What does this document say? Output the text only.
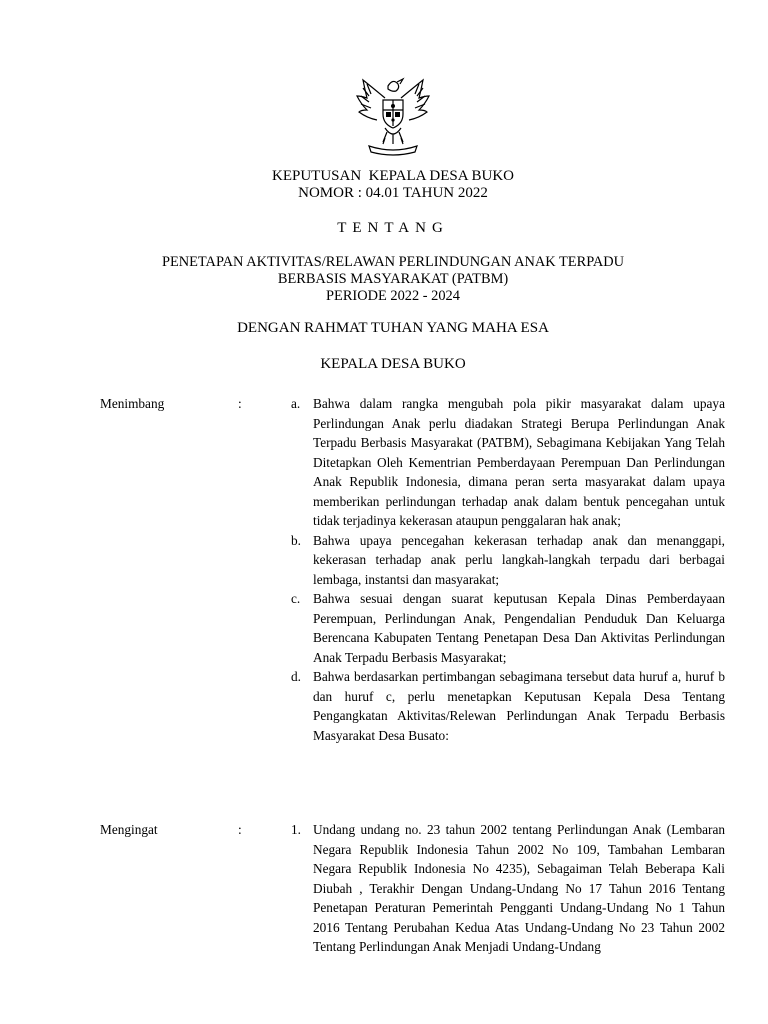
KEPUTUSAN  KEPALA DESA BUKO
NOMOR : 04.01 TAHUN 2022
TENTANG
PENETAPAN AKTIVITAS/RELAWAN PERLINDUNGAN ANAK TERPADU
BERBASIS MASYARAKAT (PATBM)
PERIODE 2022 - 2024
DENGAN RAHMAT TUHAN YANG MAHA ESA
KEPALA DESA BUKO
Menimbang	:	a. Bahwa dalam rangka mengubah pola pikir masyarakat dalam upaya Perlindungan Anak perlu diadakan Strategi Berupa Perlindungan Anak Terpadu Berbasis Masyarakat (PATBM), Sebagimana Kebijakan Yang Telah Ditetapkan Oleh Kementrian Pemberdayaan Perempuan Dan Perlindungan Anak Republik Indonesia, dimana peran serta masyarakat dalam upaya memberikan perlindungan terhadap anak dalam bentuk pencegahan untuk tidak terjadinya kekerasan ataupun penggalaran hak anak;
b. Bahwa upaya pencegahan kekerasan terhadap anak dan menanggapi, kekerasan terhadap anak perlu langkah-langkah terpadu dari berbagai lembaga, instantsi dan masyarakat;
c. Bahwa sesuai dengan suarat keputusan Kepala Dinas Pemberdayaan Perempuan, Perlindungan Anak, Pengendalian Penduduk Dan Keluarga Berencana Kabupaten Tentang Penetapan Desa Dan Aktivitas Perlindungan Anak Terpadu Berbasis Masyarakat;
d. Bahwa berdasarkan pertimbangan sebagimana tersebut data huruf a, huruf b dan huruf c, perlu menetapkan Keputusan Kepala Desa Tentang Pengangkatan Aktivitas/Relewan Perlindungan Anak Terpadu Berbasis Masyarakat Desa Busato:
Mengingat	:	1. Undang undang no. 23 tahun 2002 tentang Perlindungan Anak (Lembaran Negara Republik Indonesia Tahun 2002 No 109, Tambahan Lembaran Negara Republik Indonesia No 4235), Sebagaiman Telah Beberapa Kali Diubah , Terakhir Dengan Undang-Undang No 17 Tahun 2016 Tentang Penetapan Peraturan Pemerintah Pengganti Undang-Undang No 1 Tahun 2016 Tentang Perubahan Kedua Atas Undang-Undang No 23 Tahun 2002 Tentang Perlindungan Anak Menjadi Undang-Undang
